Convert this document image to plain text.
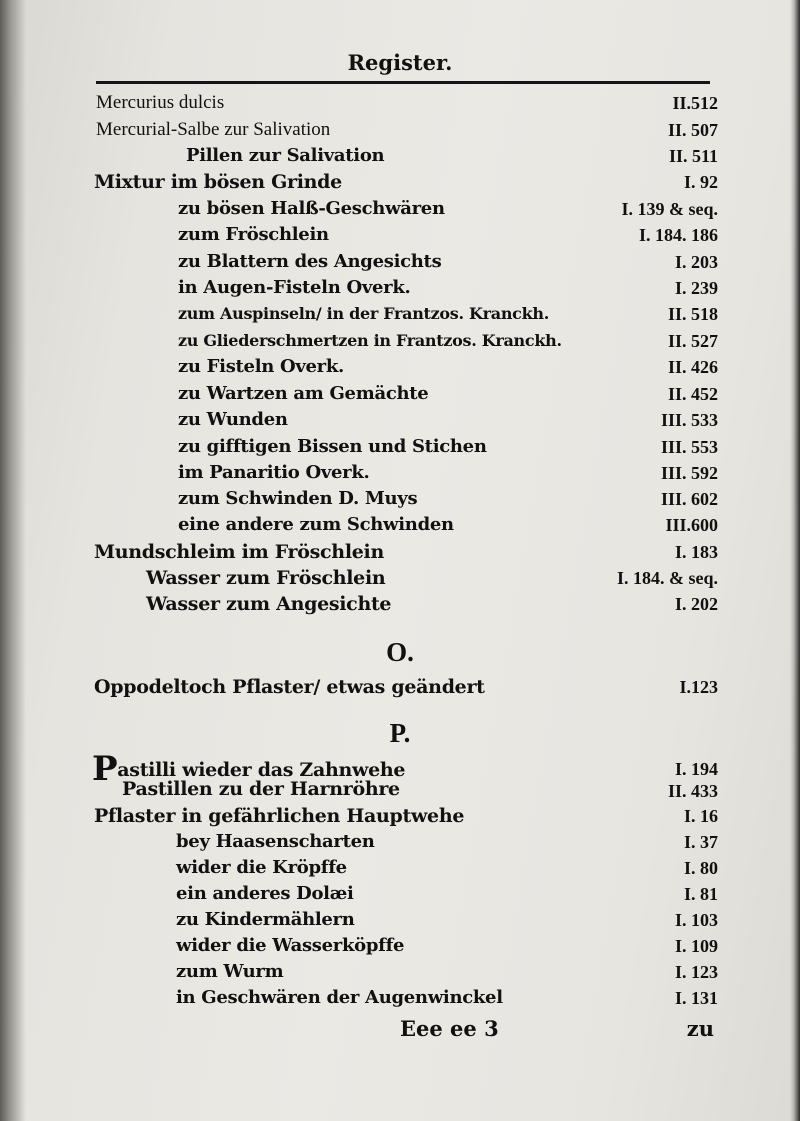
Register.
Mercurius dulcis	II.512
Mercurial-Salbe zur Salivation	II. 507
Pillen zur Salivation	II. 511
Mixtur im bösen Grinde	I. 92
zu bösen Halß-Geschwären	I. 139 & seq.
zum Fröschlein	I. 184. 186
zu Blattern des Angesichts	I. 203
in Augen-Fisteln Overk.	I. 239
zum Auspinseln/ in der Frantzos. Kranckh.	II. 518
zu Gliederschmertzen in Frantzos. Kranckh.	II. 527
zu Fisteln Overk.	II. 426
zu Wartzen am Gemächte	II. 452
zu Wunden	III. 533
zu gifftigen Bissen und Stichen	III. 553
im Panaritio Overk.	III. 592
zum Schwinden D. Muys	III. 602
eine andere zum Schwinden	III.600
Mundschleim im Fröschlein	I. 183
Wasser zum Fröschlein	I. 184. & seq.
Wasser zum Angesichte	I. 202
O.
Oppodeltoch Pflaster/ etwas geändert	I.123
P.
Pastilli wieder das Zahnwehe	I. 194
Pastillen zu der Harnröhre	II. 433
Pflaster in gefährlichen Hauptwehe	I. 16
bey Haasenscharten	I. 37
wider die Kröpffe	I. 80
ein anderes Dolæi	I. 81
zu Kindermählern	I. 103
wider die Wasserköpffe	I. 109
zum Wurm	I. 123
in Geschwären der Augenwinckel	I. 131
Eee ee 3	zu
